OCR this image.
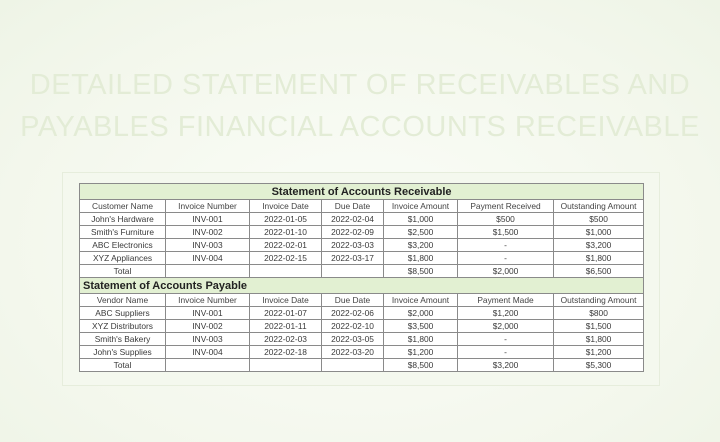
DETAILED STATEMENT OF RECEIVABLES AND
PAYABLES FINANCIAL ACCOUNTS RECEIVABLE
Statement of Accounts Receivable						
Customer Name	Invoice Number	Invoice Date	Due Date	Invoice Amount	Payment Received	Outstanding Amount
John's Hardware	INV-001	2022-01-05	2022-02-04	$1,000	$500	$500
Smith's Furniture	INV-002	2022-01-10	2022-02-09	$2,500	$1,500	$1,000
ABC Electronics	INV-003	2022-02-01	2022-03-03	$3,200	-	$3,200
XYZ Appliances	INV-004	2022-02-15	2022-03-17	$1,800	-	$1,800
Total				$8,500	$2,000	$6,500
Statement of Accounts Payable						
Vendor Name	Invoice Number	Invoice Date	Due Date	Invoice Amount	Payment Made	Outstanding Amount
ABC Suppliers	INV-001	2022-01-07	2022-02-06	$2,000	$1,200	$800
XYZ Distributors	INV-002	2022-01-11	2022-02-10	$3,500	$2,000	$1,500
Smith's Bakery	INV-003	2022-02-03	2022-03-05	$1,800	-	$1,800
John's Supplies	INV-004	2022-02-18	2022-03-20	$1,200	-	$1,200
Total				$8,500	$3,200	$5,300
